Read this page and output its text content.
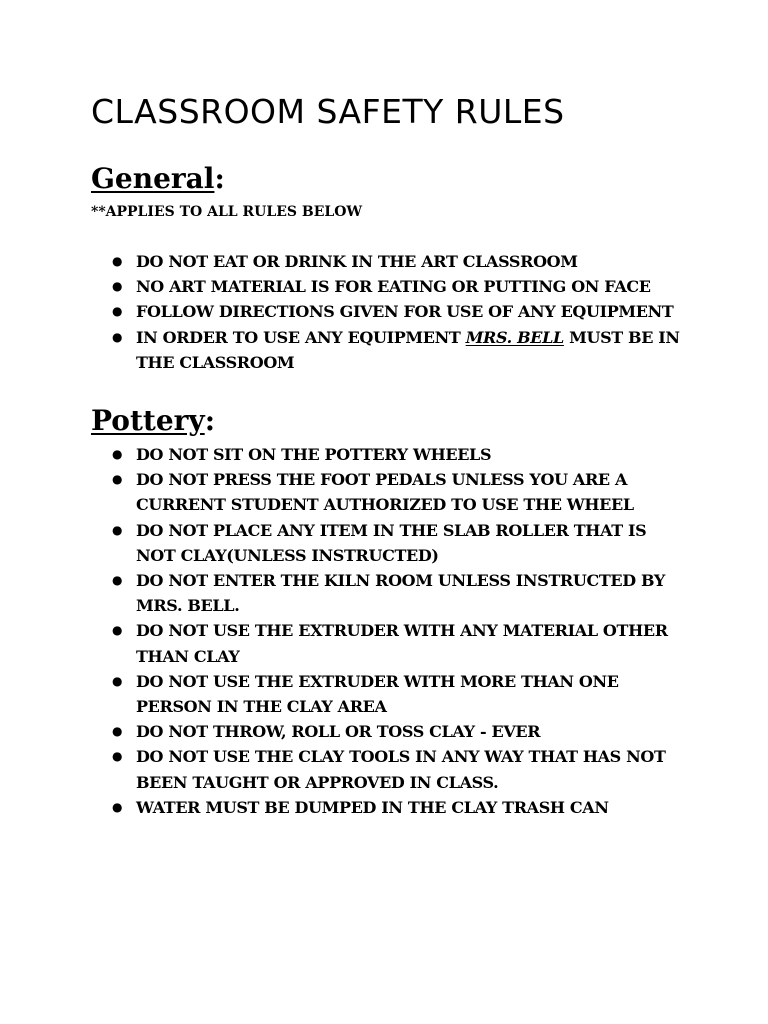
CLASSROOM SAFETY RULES
General:
**APPLIES TO ALL RULES BELOW
● DO NOT EAT OR DRINK IN THE ART CLASSROOM
● NO ART MATERIAL IS FOR EATING OR PUTTING ON FACE
● FOLLOW DIRECTIONS GIVEN FOR USE OF ANY EQUIPMENT
● IN ORDER TO USE ANY EQUIPMENT MRS. BELL MUST BE IN THE CLASSROOM
Pottery:
● DO NOT SIT ON THE POTTERY WHEELS
● DO NOT PRESS THE FOOT PEDALS UNLESS YOU ARE A CURRENT STUDENT AUTHORIZED TO USE THE WHEEL
● DO NOT PLACE ANY ITEM IN THE SLAB ROLLER THAT IS NOT CLAY(UNLESS INSTRUCTED)
● DO NOT ENTER THE KILN ROOM UNLESS INSTRUCTED BY MRS. BELL.
● DO NOT USE THE EXTRUDER WITH ANY MATERIAL OTHER THAN CLAY
● DO NOT USE THE EXTRUDER WITH MORE THAN ONE PERSON IN THE CLAY AREA
● DO NOT THROW, ROLL OR TOSS CLAY - EVER
● DO NOT USE THE CLAY TOOLS IN ANY WAY THAT HAS NOT BEEN TAUGHT OR APPROVED IN CLASS.
● WATER MUST BE DUMPED IN THE CLAY TRASH CAN
